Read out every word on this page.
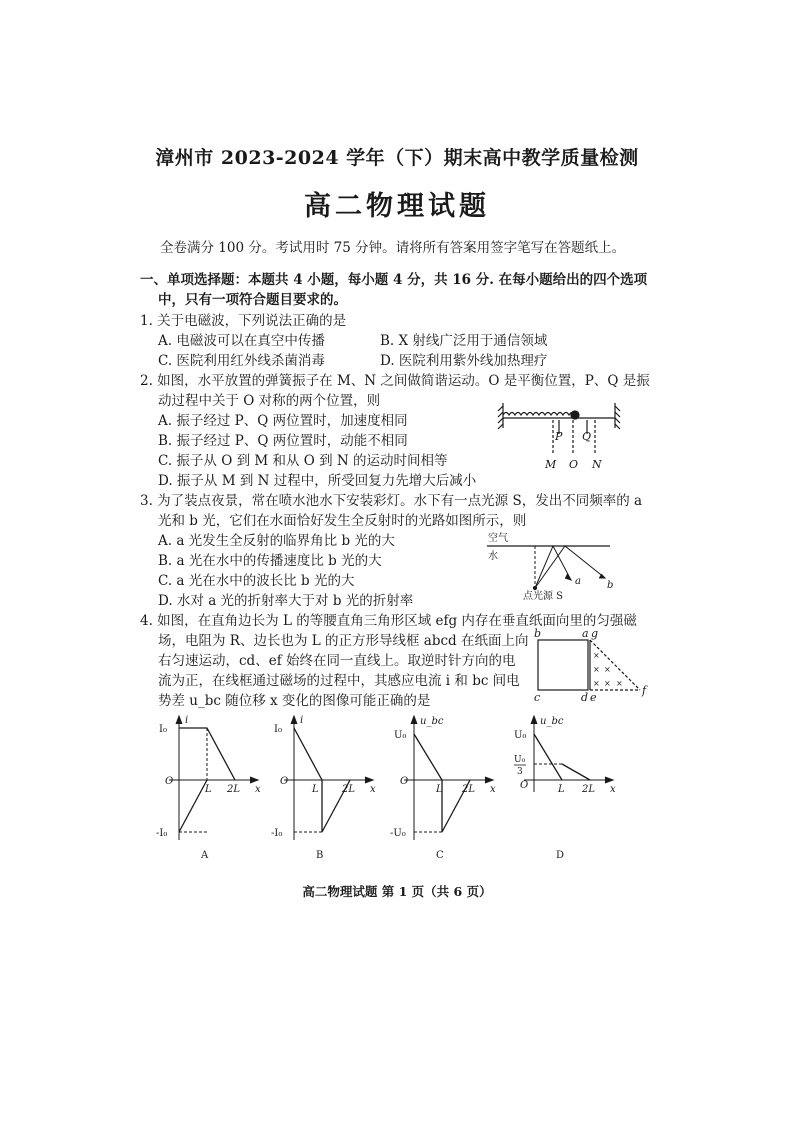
漳州市 2023-2024 学年（下）期末高中教学质量检测
高二物理试题
全卷满分 100 分。考试用时 75 分钟。请将所有答案用签字笔写在答题纸上。
一、单项选择题：本题共 4 小题，每小题 4 分，共 16 分. 在每小题给出的四个选项
中，只有一项符合题目要求的。
1. 关于电磁波，下列说法正确的是
A. 电磁波可以在真空中传播	B. X 射线广泛用于通信领域
C. 医院利用红外线杀菌消毒	D. 医院利用紫外线加热理疗
2. 如图，水平放置的弹簧振子在 M、N 之间做简谐运动。O 是平衡位置，P、Q 是振
动过程中关于 O 对称的两个位置，则
A. 振子经过 P、Q 两位置时，加速度相同
B. 振子经过 P、Q 两位置时，动能不相同
C. 振子从 O 到 M 和从 O 到 N 的运动时间相等
D. 振子从 M 到 N 过程中，所受回复力先增大后减小
P Q
M O N
3. 为了装点夜景，常在喷水池水下安装彩灯。水下有一点光源 S，发出不同频率的 a
光和 b 光，它们在水面恰好发生全反射时的光路如图所示，则
A. a 光发生全反射的临界角比 b 光的大
B. a 光在水中的传播速度比 b 光的大
C. a 光在水中的波长比 b 光的大
D. 水对 a 光的折射率大于对 b 光的折射率
空气
水
a	b
点光源 S
4. 如图，在直角边长为 L 的等腰直角三角形区域 efg 内存在垂直纸面向里的匀强磁
场，电阻为 R、边长也为 L 的正方形导线框 abcd 在纸面上向
右匀速运动，cd、ef 始终在同一直线上。取逆时针方向的电
流为正，在线框通过磁场的过程中，其感应电流 i 和 bc 间电
势差 u_bc 随位移 x 变化的图像可能正确的是
×
× ×
× × ×
b	a g
c	d e
f
i
I₀
-I₀
O
L 2L x
A
i
I₀
-I₀
O
L 2L x
B
u_bc
U₀
-U₀
O
L 2L x
C
u_bc
U₀
U₀
3
O	L 2L x
D
高二物理试题 第 1 页（共 6 页）
